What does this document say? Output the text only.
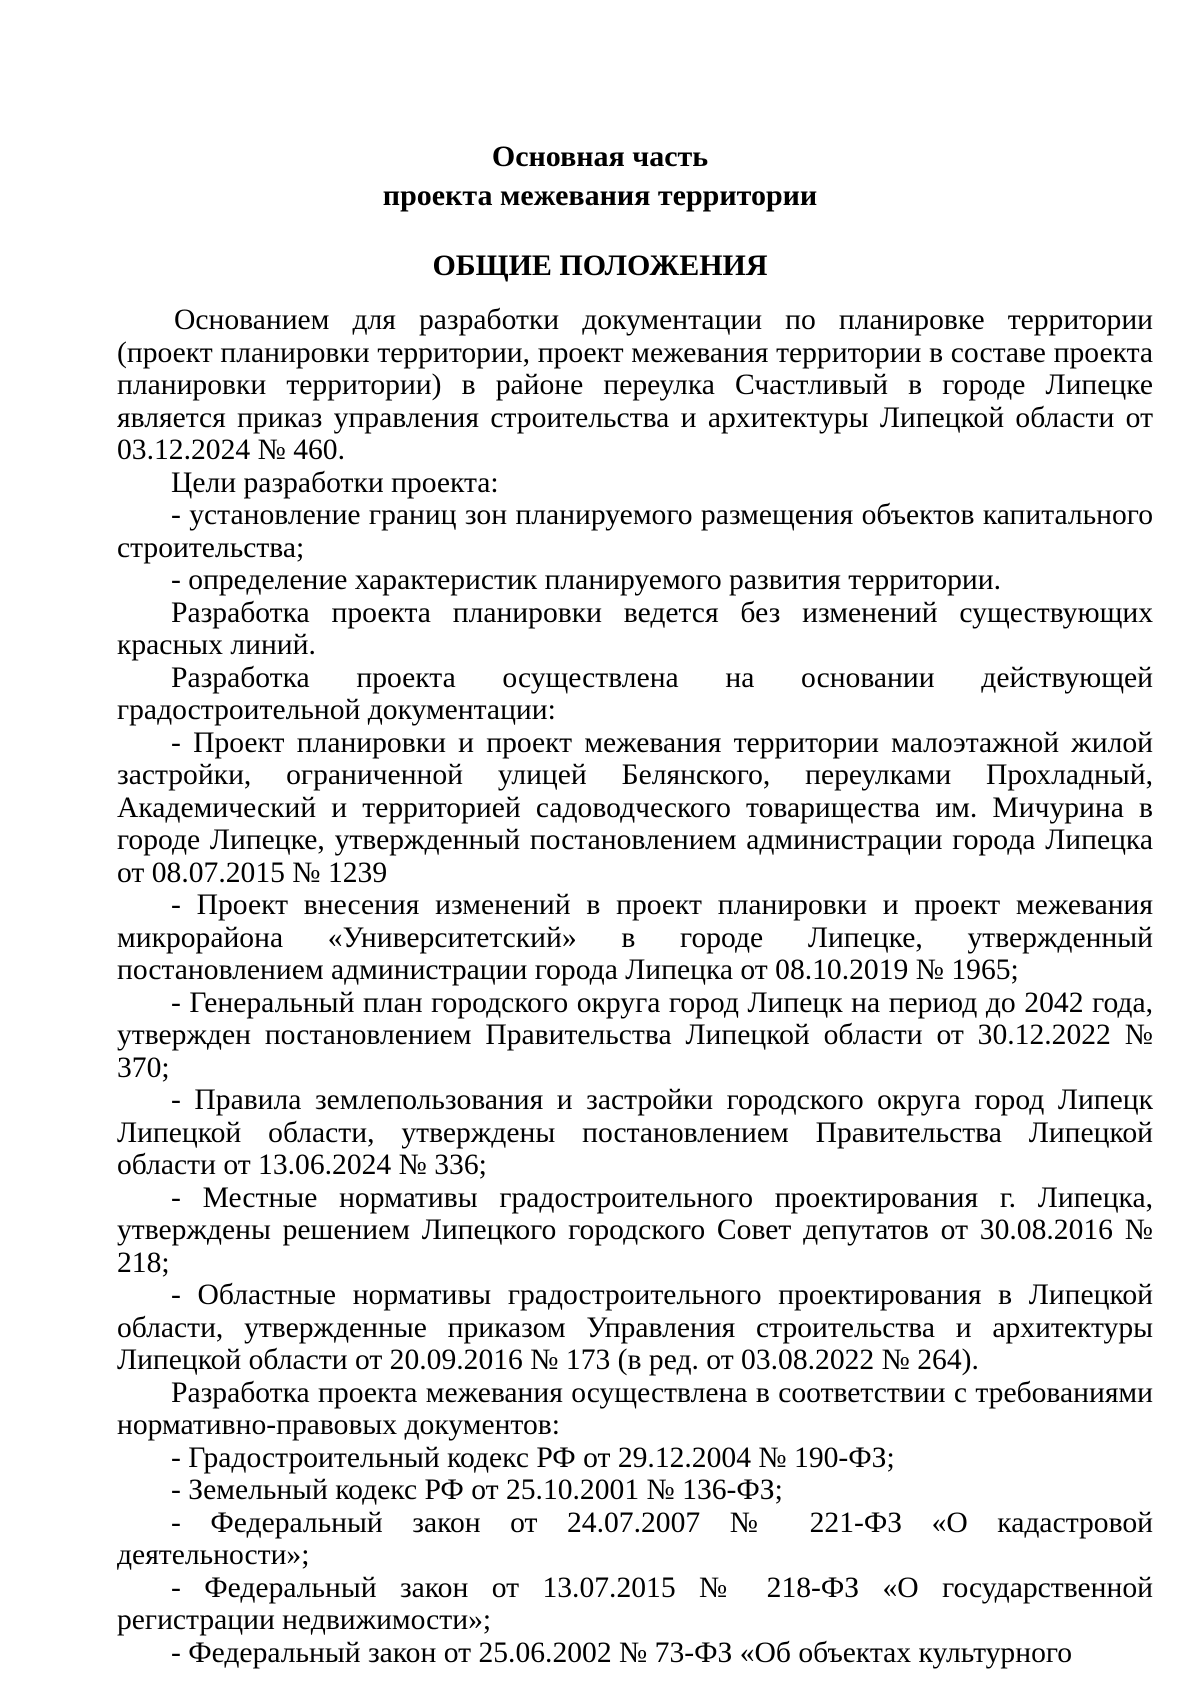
Основная часть
проекта межевания территории
ОБЩИЕ ПОЛОЖЕНИЯ

Основанием для разработки документации по планировке территории (проект планировки территории, проект межевания территории в составе проекта планировки территории) в районе переулка Счастливый в городе Липецке является приказ управления строительства и архитектуры Липецкой области от 03.12.2024 № 460.

Цели разработки проекта:

- установление границ зон планируемого размещения объектов капитального строительства;

- определение характеристик планируемого развития территории.

Разработка проекта планировки ведется без изменений существующих красных линий.

Разработка проекта осуществлена на основании действующей градостроительной документации:

- Проект планировки и проект межевания территории малоэтажной жилой застройки, ограниченной улицей Белянского, переулками Прохладный, Академический и территорией садоводческого товарищества им. Мичурина в городе Липецке, утвержденный постановлением администрации города Липецка от 08.07.2015 № 1239

- Проект внесения изменений в проект планировки и проект межевания микрорайона «Университетский» в городе Липецке, утвержденный постановлением администрации города Липецка от 08.10.2019 № 1965;

- Генеральный план городского округа город Липецк на период до 2042 года, утвержден постановлением Правительства Липецкой области от 30.12.2022 № 370;

- Правила землепользования и застройки городского округа город Липецк Липецкой области, утверждены постановлением Правительства Липецкой области от 13.06.2024 № 336;

- Местные нормативы градостроительного проектирования г. Липецка, утверждены решением Липецкого городского Совет депутатов от 30.08.2016 № 218;

- Областные нормативы градостроительного проектирования в Липецкой области, утвержденные приказом Управления строительства и архитектуры Липецкой области от 20.09.2016 № 173 (в ред. от 03.08.2022 № 264).

Разработка проекта межевания осуществлена в соответствии с требованиями нормативно-правовых документов:

- Градостроительный кодекс РФ от 29.12.2004 № 190-ФЗ;

- Земельный кодекс РФ от 25.10.2001 № 136-ФЗ;

- Федеральный закон от 24.07.2007 № 221-ФЗ «О кадастровой деятельности»;

- Федеральный закон от 13.07.2015 № 218-ФЗ «О государственной регистрации недвижимости»;

- Федеральный закон от 25.06.2002 № 73-ФЗ «Об объектах культурного
